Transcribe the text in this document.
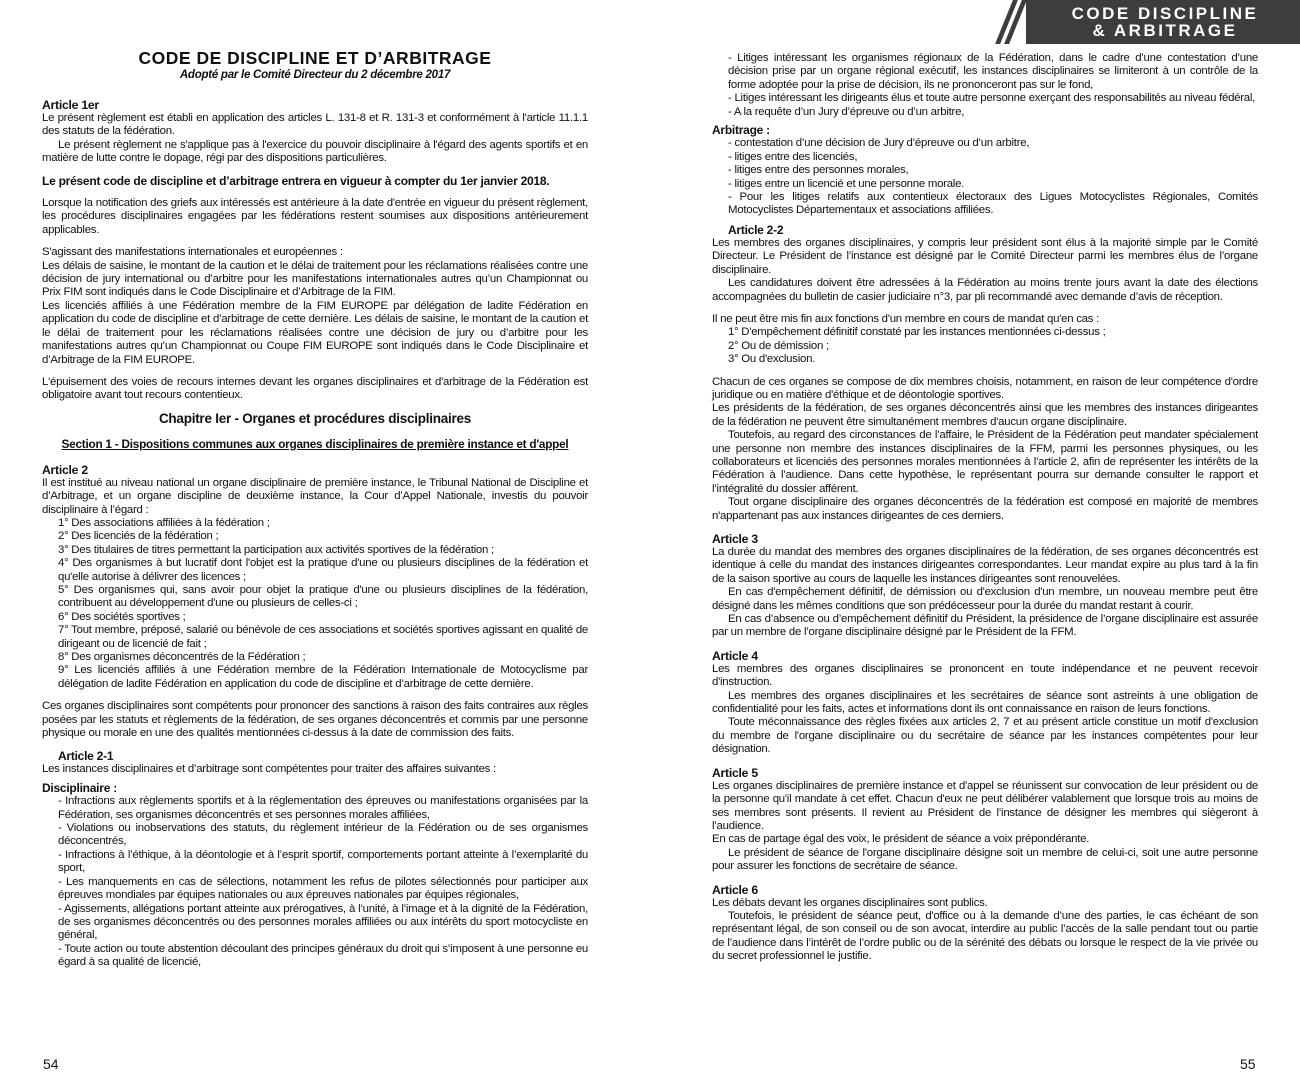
CODE DE DISCIPLINE ET D’ARBITRAGE

Adopté par le Comité Directeur du 2 décembre 2017

Article 1er

Le présent règlement est établi en application des articles L. 131-8 et R. 131-3 et conformément à l'article 11.1.1 des statuts de la fédération.

Le présent règlement ne s'applique pas à l'exercice du pouvoir disciplinaire à l'égard des agents sportifs et en matière de lutte contre le dopage, régi par des dispositions particulières.

Le présent code de discipline et d’arbitrage entrera en vigueur à compter du 1er janvier 2018.

Lorsque la notification des griefs aux intéressés est antérieure à la date d'entrée en vigueur du présent règlement, les procédures disciplinaires engagées par les fédérations restent soumises aux dispositions antérieurement applicables.

S'agissant des manifestations internationales et européennes :

Les délais de saisine, le montant de la caution et le délai de traitement pour les réclamations réalisées contre une décision de jury international ou d’arbitre pour les manifestations internationales autres qu’un Championnat ou Prix FIM sont indiqués dans le Code Disciplinaire et d’Arbitrage de la FIM.

Les licenciés affiliés à une Fédération membre de la FIM EUROPE par délégation de ladite Fédération en application du code de discipline et d’arbitrage de cette dernière. Les délais de saisine, le montant de la caution et le délai de traitement pour les réclamations réalisées contre une décision de jury ou d’arbitre pour les manifestations autres qu’un Championnat ou Coupe FIM EUROPE sont indiqués dans le Code Disciplinaire et d’Arbitrage de la FIM EUROPE.

L'épuisement des voies de recours internes devant les organes disciplinaires et d'arbitrage de la Fédération est obligatoire avant tout recours contentieux.

Chapitre Ier - Organes et procédures disciplinaires

Section 1 - Dispositions communes aux organes disciplinaires de première instance et d'appel

Article 2

Il est institué au niveau national un organe disciplinaire de première instance, le Tribunal National de Discipline et d’Arbitrage, et un organe discipline de deuxième instance, la Cour d’Appel Nationale, investis du pouvoir disciplinaire à l’égard :

1° Des associations affiliées à la fédération ;

2° Des licenciés de la fédération ;

3° Des titulaires de titres permettant la participation aux activités sportives de la fédération ;

4° Des organismes à but lucratif dont l'objet est la pratique d'une ou plusieurs disciplines de la fédération et qu'elle autorise à délivrer des licences ;

5° Des organismes qui, sans avoir pour objet la pratique d'une ou plusieurs disciplines de la fédération, contribuent au développement d'une ou plusieurs de celles-ci ;

6° Des sociétés sportives ;

7° Tout membre, préposé, salarié ou bénévole de ces associations et sociétés sportives agissant en qualité de dirigeant ou de licencié de fait ;

8° Des organismes déconcentrés de la Fédération ;

9° Les licenciés affiliés à une Fédération membre de la Fédération Internationale de Motocyclisme par délégation de ladite Fédération en application du code de discipline et d’arbitrage de cette dernière.

Ces organes disciplinaires sont compétents pour prononcer des sanctions à raison des faits contraires aux règles posées par les statuts et règlements de la fédération, de ses organes déconcentrés et commis par une personne physique ou morale en une des qualités mentionnées ci-dessus à la date de commission des faits.

Article 2-1

Les instances disciplinaires et d’arbitrage sont compétentes pour traiter des affaires suivantes :

Disciplinaire :

- Infractions aux règlements sportifs et à la réglementation des épreuves ou manifestations organisées par la Fédération, ses organismes déconcentrés et ses personnes morales affiliées,

- Violations ou inobservations des statuts, du règlement intérieur de la Fédération ou de ses organismes déconcentrés,

- Infractions à l’éthique, à la déontologie et à l’esprit sportif, comportements portant atteinte à l’exemplarité du sport,

- Les manquements en cas de sélections, notamment les refus de pilotes sélectionnés pour participer aux épreuves mondiales par équipes nationales ou aux épreuves nationales par équipes régionales,

- Agissements, allégations portant atteinte aux prérogatives, à l’unité, à l’image et à la dignité de la Fédération, de ses organismes déconcentrés ou des personnes morales affiliées ou aux intérêts du sport motocycliste en général,

- Toute action ou toute abstention découlant des principes généraux du droit qui s’imposent à une personne eu égard à sa qualité de licencié,

54
CODE DISCIPLINE
& ARBITRAGE

- Litiges intéressant les organismes régionaux de la Fédération, dans le cadre d’une contestation d’une décision prise par un organe régional exécutif, les instances disciplinaires se limiteront à un contrôle de la forme adoptée pour la prise de décision, ils ne prononceront pas sur le fond,

- Litiges intéressant les dirigeants élus et toute autre personne exerçant des responsabilités au niveau fédéral,

- A la requête d’un Jury d’épreuve ou d’un arbitre,

Arbitrage :

- contestation d’une décision de Jury d’épreuve ou d’un arbitre,

- litiges entre des licenciés,

- litiges entre des personnes morales,

- litiges entre un licencié et une personne morale.

- Pour les litiges relatifs aux contentieux électoraux des Ligues Motocyclistes Régionales, Comités Motocyclistes Départementaux et associations affiliées.

Article 2-2

Les membres des organes disciplinaires, y compris leur président sont élus à la majorité simple par le Comité Directeur. Le Président de l’instance est désigné par le Comité Directeur parmi les membres élus de l’organe disciplinaire.

Les candidatures doivent être adressées à la Fédération au moins trente jours avant la date des élections accompagnées du bulletin de casier judiciaire n°3, par pli recommandé avec demande d’avis de réception.

Il ne peut être mis fin aux fonctions d'un membre en cours de mandat qu'en cas :

1° D'empêchement définitif constaté par les instances mentionnées ci-dessus ;

2° Ou de démission ;

3° Ou d'exclusion.

Chacun de ces organes se compose de dix membres choisis, notamment, en raison de leur compétence d'ordre juridique ou en matière d'éthique et de déontologie sportives.

Les présidents de la fédération, de ses organes déconcentrés ainsi que les membres des instances dirigeantes de la fédération ne peuvent être simultanément membres d'aucun organe disciplinaire.

Toutefois, au regard des circonstances de l’affaire, le Président de la Fédération peut mandater spécialement une personne non membre des instances disciplinaires de la FFM, parmi les personnes physiques, ou les collaborateurs et licenciés des personnes morales mentionnées à l’article 2, afin de représenter les intérêts de la Fédération à l’audience. Dans cette hypothèse, le représentant pourra sur demande consulter le rapport et l’intégralité du dossier afférent.

Tout organe disciplinaire des organes déconcentrés de la fédération est composé en majorité de membres n'appartenant pas aux instances dirigeantes de ces derniers.

Article 3

La durée du mandat des membres des organes disciplinaires de la fédération, de ses organes déconcentrés est identique à celle du mandat des instances dirigeantes correspondantes. Leur mandat expire au plus tard à la fin de la saison sportive au cours de laquelle les instances dirigeantes sont renouvelées.

En cas d'empêchement définitif, de démission ou d'exclusion d'un membre, un nouveau membre peut être désigné dans les mêmes conditions que son prédécesseur pour la durée du mandat restant à courir.

En cas d’absence ou d’empêchement définitif du Président, la présidence de l’organe disciplinaire est assurée par un membre de l’organe disciplinaire désigné par le Président de la FFM.

Article 4

Les membres des organes disciplinaires se prononcent en toute indépendance et ne peuvent recevoir d'instruction.

Les membres des organes disciplinaires et les secrétaires de séance sont astreints à une obligation de confidentialité pour les faits, actes et informations dont ils ont connaissance en raison de leurs fonctions.

Toute méconnaissance des règles fixées aux articles 2, 7 et au présent article constitue un motif d'exclusion du membre de l'organe disciplinaire ou du secrétaire de séance par les instances compétentes pour leur désignation.

Article 5

Les organes disciplinaires de première instance et d'appel se réunissent sur convocation de leur président ou de la personne qu'il mandate à cet effet. Chacun d'eux ne peut délibérer valablement que lorsque trois au moins de ses membres sont présents. Il revient au Président de l’instance de désigner les membres qui siègeront à l’audience.

En cas de partage égal des voix, le président de séance a voix prépondérante.

Le président de séance de l'organe disciplinaire désigne soit un membre de celui-ci, soit une autre personne pour assurer les fonctions de secrétaire de séance.

Article 6

Les débats devant les organes disciplinaires sont publics.

Toutefois, le président de séance peut, d'office ou à la demande d’une des parties, le cas échéant de son représentant légal, de son conseil ou de son avocat, interdire au public l’accès de la salle pendant tout ou partie de l’audience dans l’intérêt de l’ordre public ou de la sérénité des débats ou lorsque le respect de la vie privée ou du secret professionnel le justifie.

55
